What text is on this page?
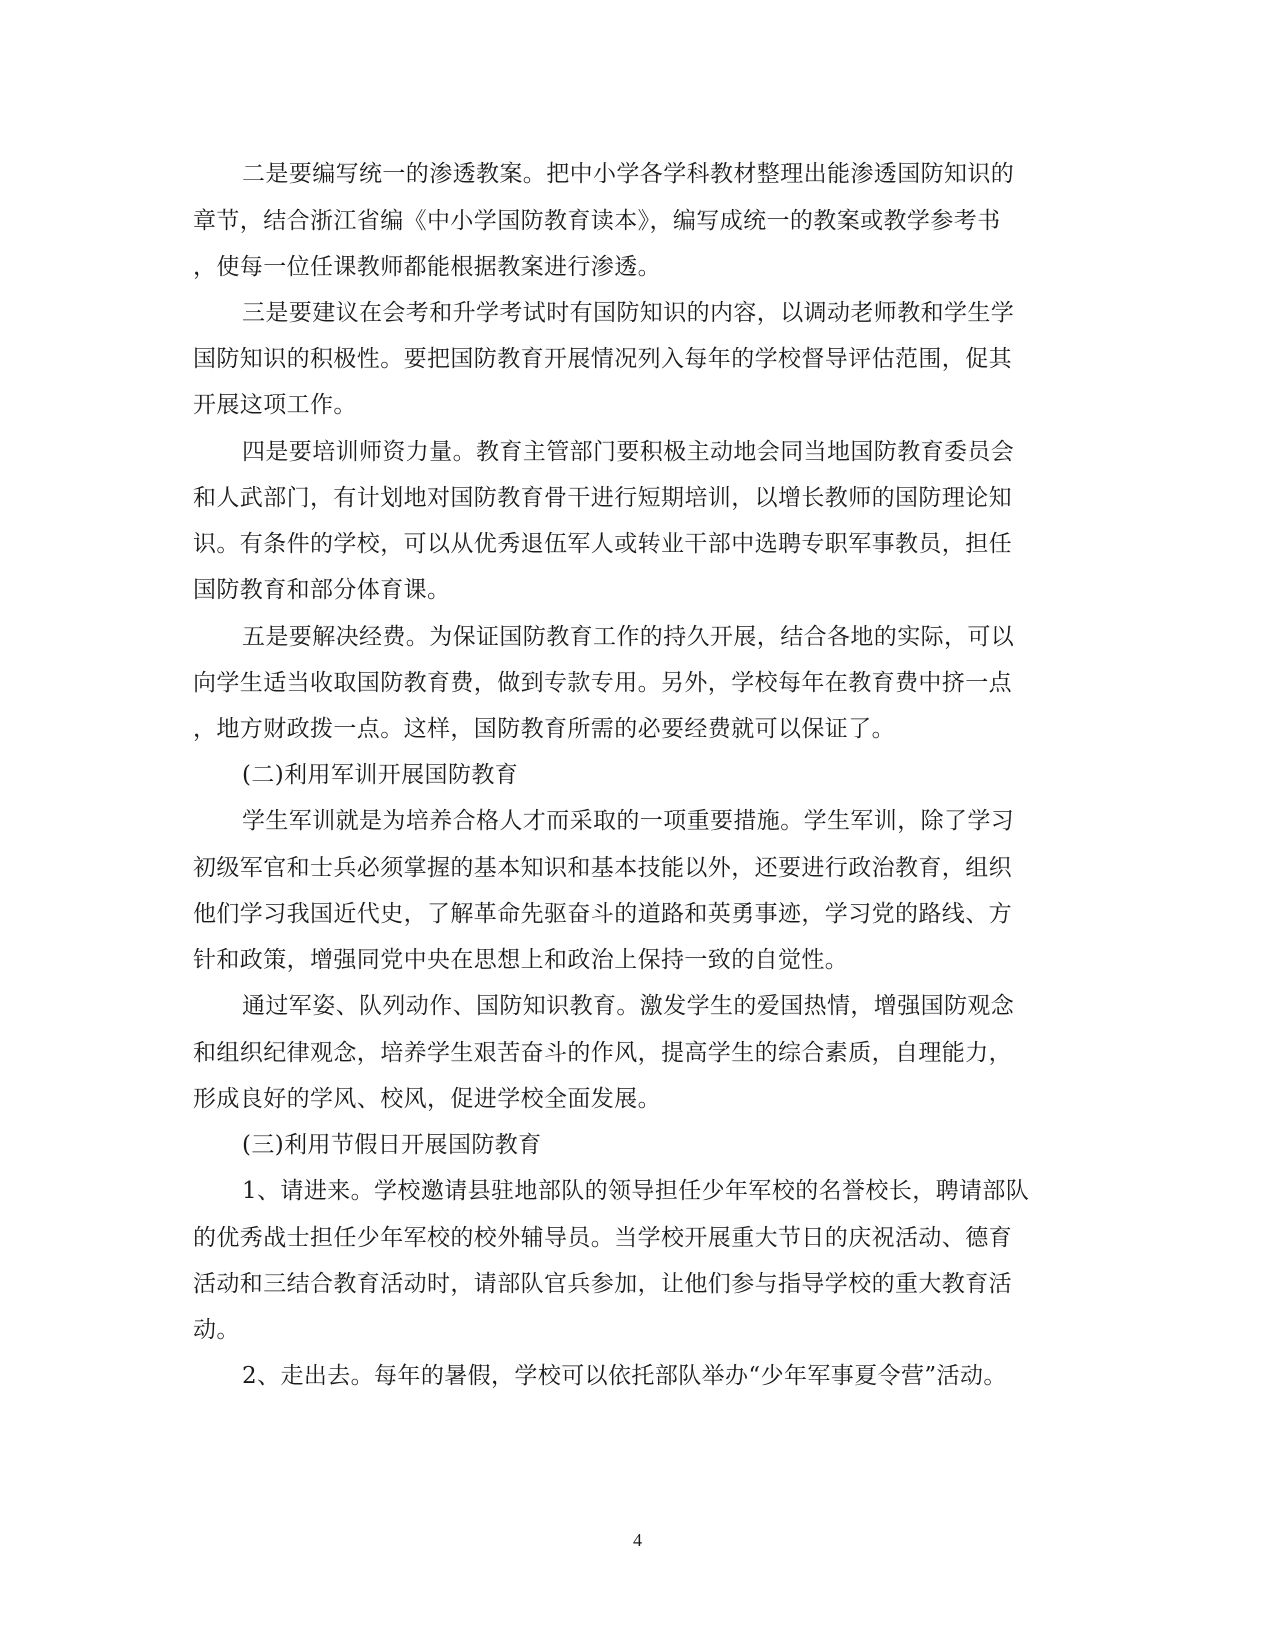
二是要编写统一的渗透教案。把中小学各学科教材整理出能渗透国防知识的
章节，结合浙江省编《中小学国防教育读本》，编写成统一的教案或教学参考书
，使每一位任课教师都能根据教案进行渗透。
三是要建议在会考和升学考试时有国防知识的内容，以调动老师教和学生学
国防知识的积极性。要把国防教育开展情况列入每年的学校督导评估范围，促其
开展这项工作。
四是要培训师资力量。教育主管部门要积极主动地会同当地国防教育委员会
和人武部门，有计划地对国防教育骨干进行短期培训，以增长教师的国防理论知
识。有条件的学校，可以从优秀退伍军人或转业干部中选聘专职军事教员，担任
国防教育和部分体育课。
五是要解决经费。为保证国防教育工作的持久开展，结合各地的实际，可以
向学生适当收取国防教育费，做到专款专用。另外，学校每年在教育费中挤一点
，地方财政拨一点。这样，国防教育所需的必要经费就可以保证了。
(二)利用军训开展国防教育
学生军训就是为培养合格人才而采取的一项重要措施。学生军训，除了学习
初级军官和士兵必须掌握的基本知识和基本技能以外，还要进行政治教育，组织
他们学习我国近代史，了解革命先驱奋斗的道路和英勇事迹，学习党的路线、方
针和政策，增强同党中央在思想上和政治上保持一致的自觉性。
通过军姿、队列动作、国防知识教育。激发学生的爱国热情，增强国防观念
和组织纪律观念，培养学生艰苦奋斗的作风，提高学生的综合素质，自理能力，
形成良好的学风、校风，促进学校全面发展。
(三)利用节假日开展国防教育
1、请进来。学校邀请县驻地部队的领导担任少年军校的名誉校长，聘请部队
的优秀战士担任少年军校的校外辅导员。当学校开展重大节日的庆祝活动、德育
活动和三结合教育活动时，请部队官兵参加，让他们参与指导学校的重大教育活
动。
2、走出去。每年的暑假，学校可以依托部队举办“少年军事夏令营”活动。
4
